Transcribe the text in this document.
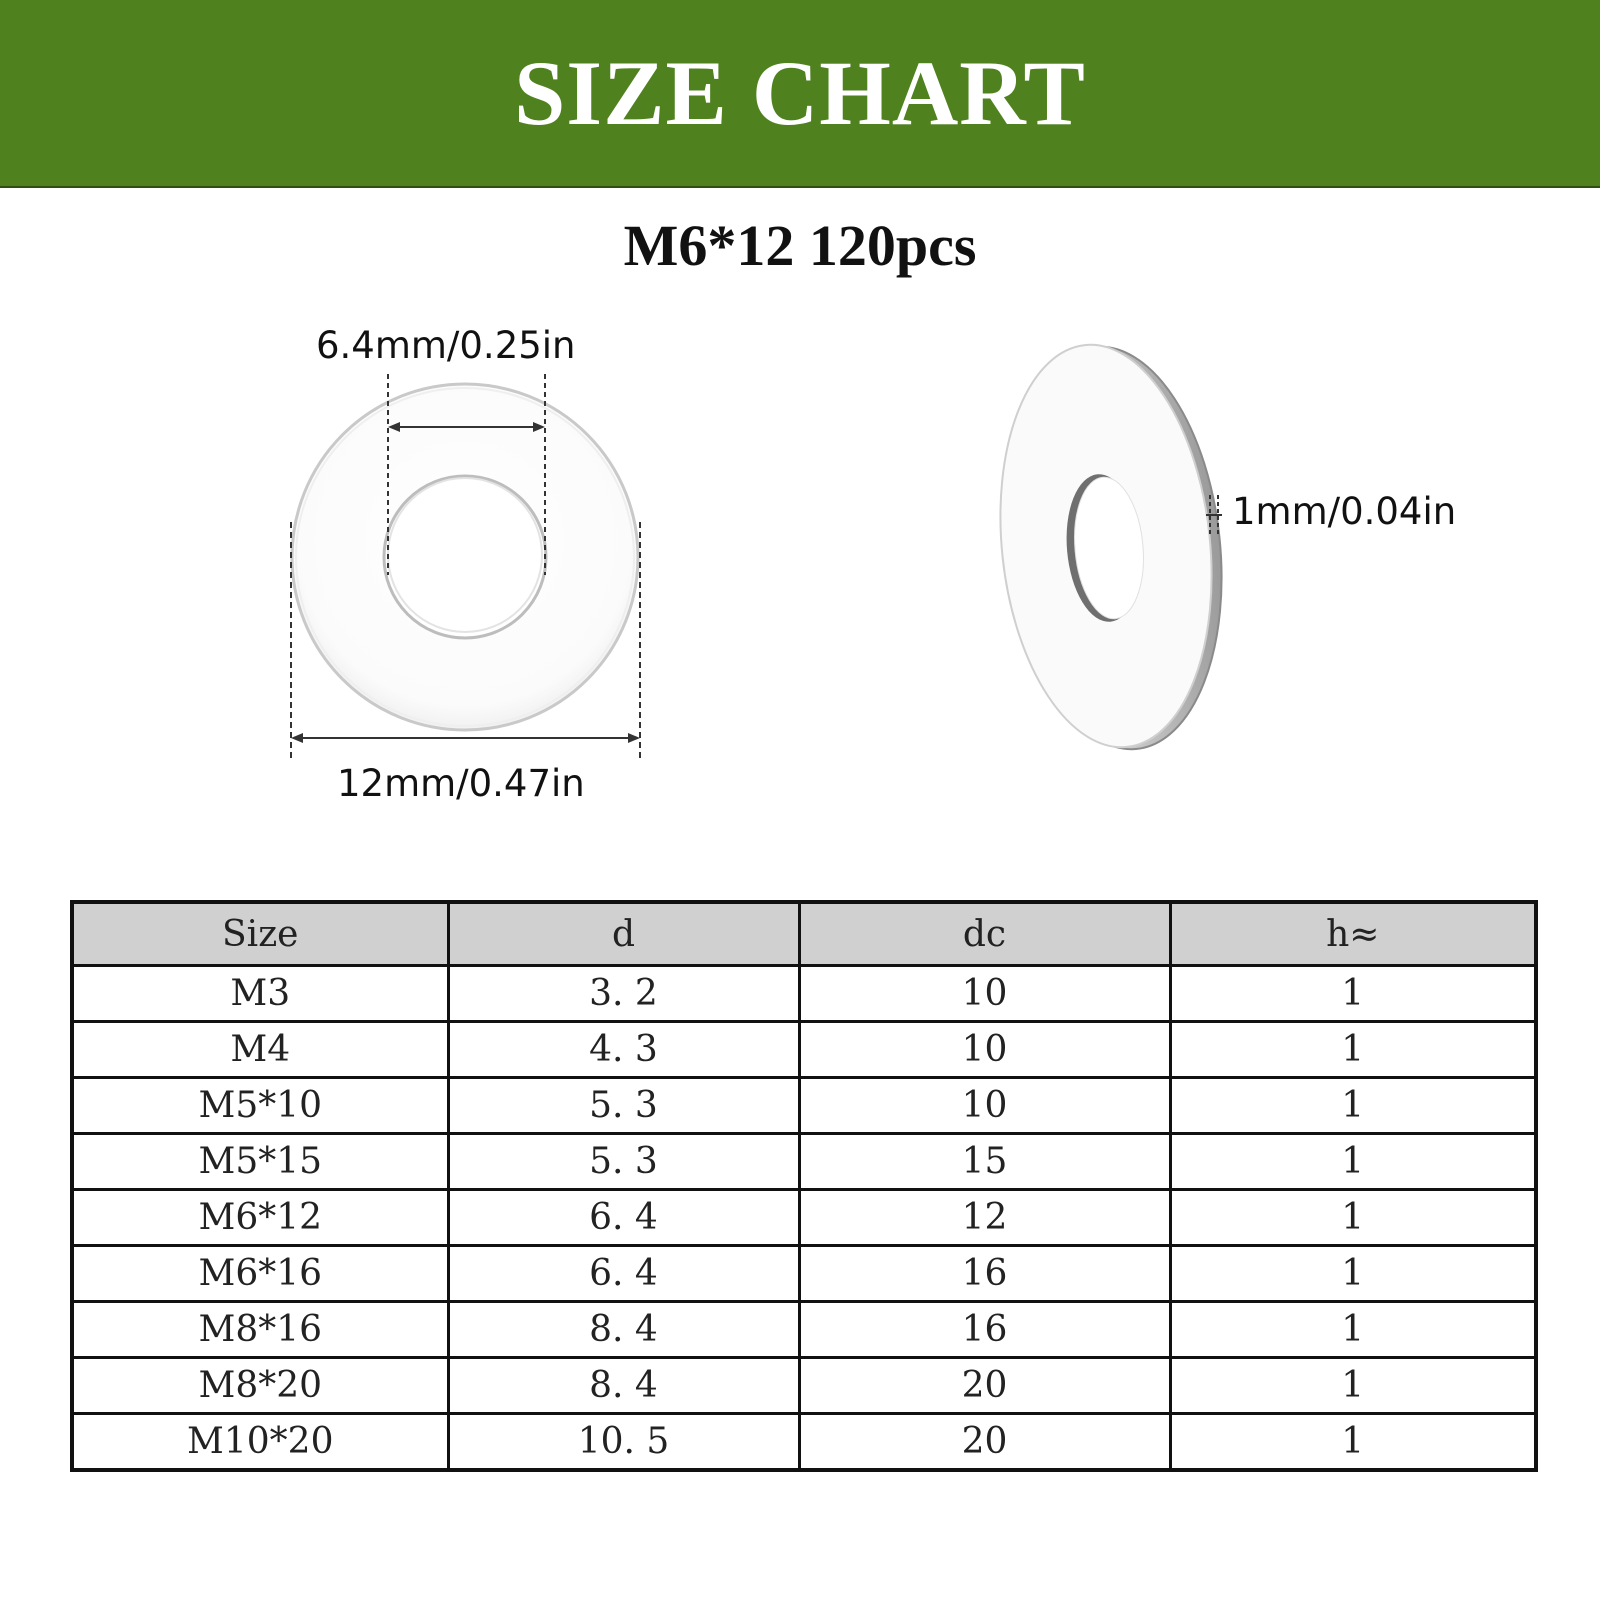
SIZE CHART
M6*12 120pcs
6.4mm/0.25in
12mm/0.47in
1mm/0.04in
Size	d	dc	h≈
M3	3. 2	10	1
M4	4. 3	10	1
M5*10	5. 3	10	1
M5*15	5. 3	15	1
M6*12	6. 4	12	1
M6*16	6. 4	16	1
M8*16	8. 4	16	1
M8*20	8. 4	20	1
M10*20	10. 5	20	1
